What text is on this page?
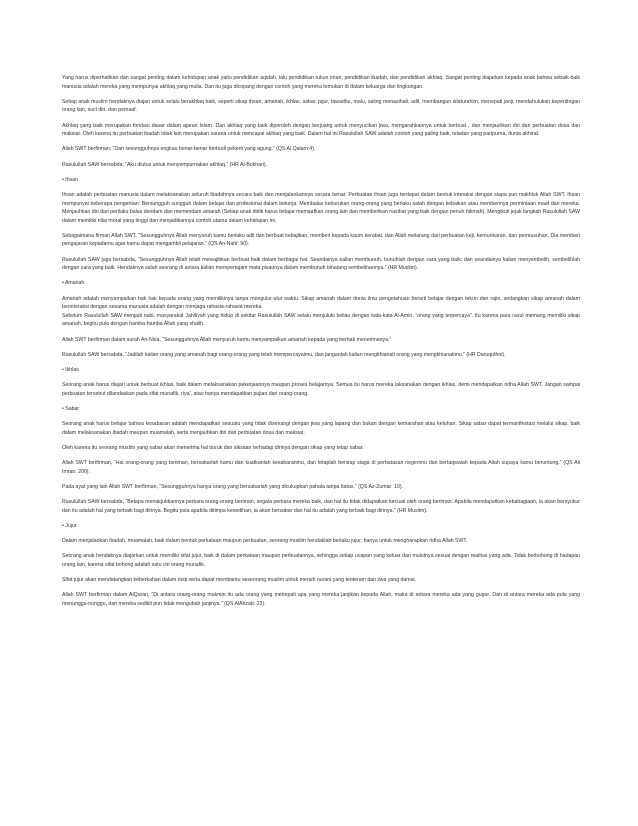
Yang harus diperhatikan dan sangat penting dalam kehidupan anak yaitu pendidikan aqidah, lalu pendidikan rukun iman, pendidikan ibadah, dan pendidikan akhlaq. Sangat penting diajarkan kepada anak bahwa sebaik-baik manusia adalah mereka yang mempunyai akhlaq yang mulia. Dan itu juga dicopang dengan contoh yang mereka temukan di dalam keluarga dan lingkungan.

Setiap anak muslim hendaknya diajari untuk selalu berakhlaq baik, seperti sikap ihsan, amanah, ikhlas, sabar, jujur, tawadhu, malu, saling menasihati, adil, membangun silaturahim, menepati janji, mendahulukan kepentingan orang lain, suci diri, dan pemaaf.

Akhlaq yang baik merupakan fondasi dasar dalam ajaran Islam. Dan akhlaq yang baik diperoleh dengan berjuang untuk menyucikan jiwa, mengarahkannya untuk berbuat , dan menjauhkan diri dari perbuatan dosa dan maksiat. Oleh karena itu perbuatan ibadah tidak lain merupakan sarana untuk mencapai akhlaq yang baik. Dalam hal ini Rasulullah SAW adalah contoh yang paling baik, teladan yang paripurna, dunia akhirat.

Allah SWT berfirman; “Dan sesungguhnya engkau benar-benar berbudi pekerti yang agung.” (QS Al Qalam:4).

Rasulullah SAW bersabda; “Aku diutus untuk menyempurnakan akhlaq.” (HR Al-Bukhari).

• Ihsan

Ihsan adalah perbuatan manusia dalam melaksanakan seluruh ibadahnya secara baik dan menjalankannya secara benar. Perbuatan ihsan juga terdapat dalam bentuk interaksi dengan siapa pun makhluk Allah SWT. Ihsan mempunyai beberapa pengertian: Bersungguh sungguh dalam belajar dan profesional dalam bekerja. Membalas keburukan orang-orang yang berlaku salah dengan kebaikan atau memberinya permintaan maaf dari mereka. Menjauhkan diri dari perilaku balas dendam dan memendam amarah (Setiap anak didik harus belajar memaafkan orang lain dan memberikan nasihat yang baik dengan penuh hikmah). Mengikuti jejak langkah Rasulullah SAW dalam memiliki nilai moral yang tinggi dan menjadikannya contoh utama dalam kehidupan ini.

Sebagaimana firman Allah SWT, “Sesungguhnya Allah menyuruh kamu berlaku adil dan berbuat kebajikan, memberi kepada kaum kerabat, dan Allah melarang dari perbuatan keji, kemunkaran, dan permusuhan. Dia memberi pengajaran kepadamu agar kamu dapat mengambil pelajaran.” (QS An-Nahl: 90).

Rasulullah SAW juga bersabda, “Sesungguhnya Allah telah mewajibkan berbuat baik dalam berbagai hal. Seandainya kalian membunuh, bunuhlah dengan cara yang baik; dan seandainya kalian menyembelih, sembelihlah dengan cara yang baik. Hendaknya salah seorang di antara kalian mempertajam mata pisaunya dalam membunuh binatang sembelihannya.” (HR Muslim).

• Amanah

Amanah adalah menyampaikan hak hak kepada orang yang memilikinya tanpa mengulur-ulur waktu. Sikap amanah dalam dunia ilmu pengetahuan berarti belajar dengan tekun dan rajin, sedangkan sikap amanah dalam berinteraksi dengan sesama manusia adalah dengan menjaga rahasia-rahasia mereka.

Sebelum Rasulullah SAW menjadi nabi, masyarakat Jahiliyah yang hidup di sekitar Rasulullah SAW selalu menjuluki beliau dengan kata-kata Al-Amin, “orang yang terpercaya”. Itu karena para rasul memang memiliki sikap amanah, begitu pula dengan hamba-hamba Allah yang shalih.

Allah SWT berfirman dalam surah An-Nisa, “Sesungguhnya Allah menyuruh kamu menyampaikan amanah kepada yang berhak menerimanya.”

Rasulullah SAW bersabda, “Jadilah kalian orang yang amanah bagi orang-orang yang telah mempercayaimu, dan janganlah kalian mengkhianati orang yang mengkhianatimu.” (HR Daruquthni).

• Ikhlas

Seorang anak harus diajari untuk berbuat ikhlas, baik dalam melaksanakan pekerjaannya maupun proses belajarnya. Semua itu harus mereka laksanakan dengan ikhlas, demi mendapatkan ridha Allah SWT. Jangan sampai perbuatan tersebut dilandaskan pada sifat munafik, riya’, atau hanya mendapatkan pujian dari orang-orang.

• Sabar

Seorang anak harus belajar bahwa kesabaran adalah mendapatkan sesuatu yang tidak disenangi dengan jiwa yang lapang dan bukan dengan kemarahan atau keluhan. Sikap sabar dapat termanifestasi melalui sikap, baik dalam melaksanakan ibadah maupun muamalah, serta menjauhkan diri dari perbuatan dosa dan maksiat.

Oleh karena itu seorang muslim yang sabar akan menerima hal buruk dan siksaan terhadap dirinya dengan sikap yang tetap sabar.

Allah SWT berfirman, “Hai orang-orang yang beriman, bersabarlah kamu dan kuatkanlah kesabaranmu, dan tetaplah bersiap siaga di perbatasan negerimu dan bertaqwalah kepada Allah supaya kamu beruntung.” (QS Ali Imran: 200).

Pada ayat yang lain Allah SWT berfirman, “Sesungguhnya hanya orang yang bersabarlah yang dicukupkan pahala tanpa batas.” (QS Az-Zumar: 10).

Rasulullah SAW bersabda, “Betapa menakjubkannya perkara orang-orang beriman, segala perkara mereka baik, dan hal itu tidak didapatkan kecuali oleh orang beriman. Apabila mendapatkan kebahagiaan, ia akan bersyukur dan itu adalah hal yang terbaik bagi dirinya. Begitu pula apabila ditimpa kesedihan, ia akan bersabar dan hal itu adalah yang terbaik bagi dirinya.” (HR Muslim).

• Jujur

Dalam menjalankan ibadah, muamalah, baik dalam bentuk perkataan maupun perbuatan, seorang muslim hendaklah berlaku jujur, hanya untuk mengharapkan ridha Allah SWT.

Seorang anak hendaknya diajarkan untuk memiliki sifat jujur, baik di dalam perkataan maupun perbuatannya, sehingga setiap ucapan yang keluar dari mulutnya sesuai dengan realitas yang ada. Tidak berbohong di hadapan orang lain, karena sifat bohong adalah satu ciri orang munafik.

Sifat jujur akan mendatangkan keberkahan dalam rizqi serta dapat membantu seseorang muslim untuk meraih nurani yang tenteram dan jiwa yang damai.

Allah SWT berfirman dalam AlQuran, “Di antara orang-orang mukmin itu ada orang yang menepati apa yang mereka janjikan kepada Allah, maka di antara mereka ada yang gugur. Dan di antara mereka ada pula yang menunggu-nunggu, dan mereka sedikit pun tidak mengubah janjinya.” (QS AlAhzab: 23).
